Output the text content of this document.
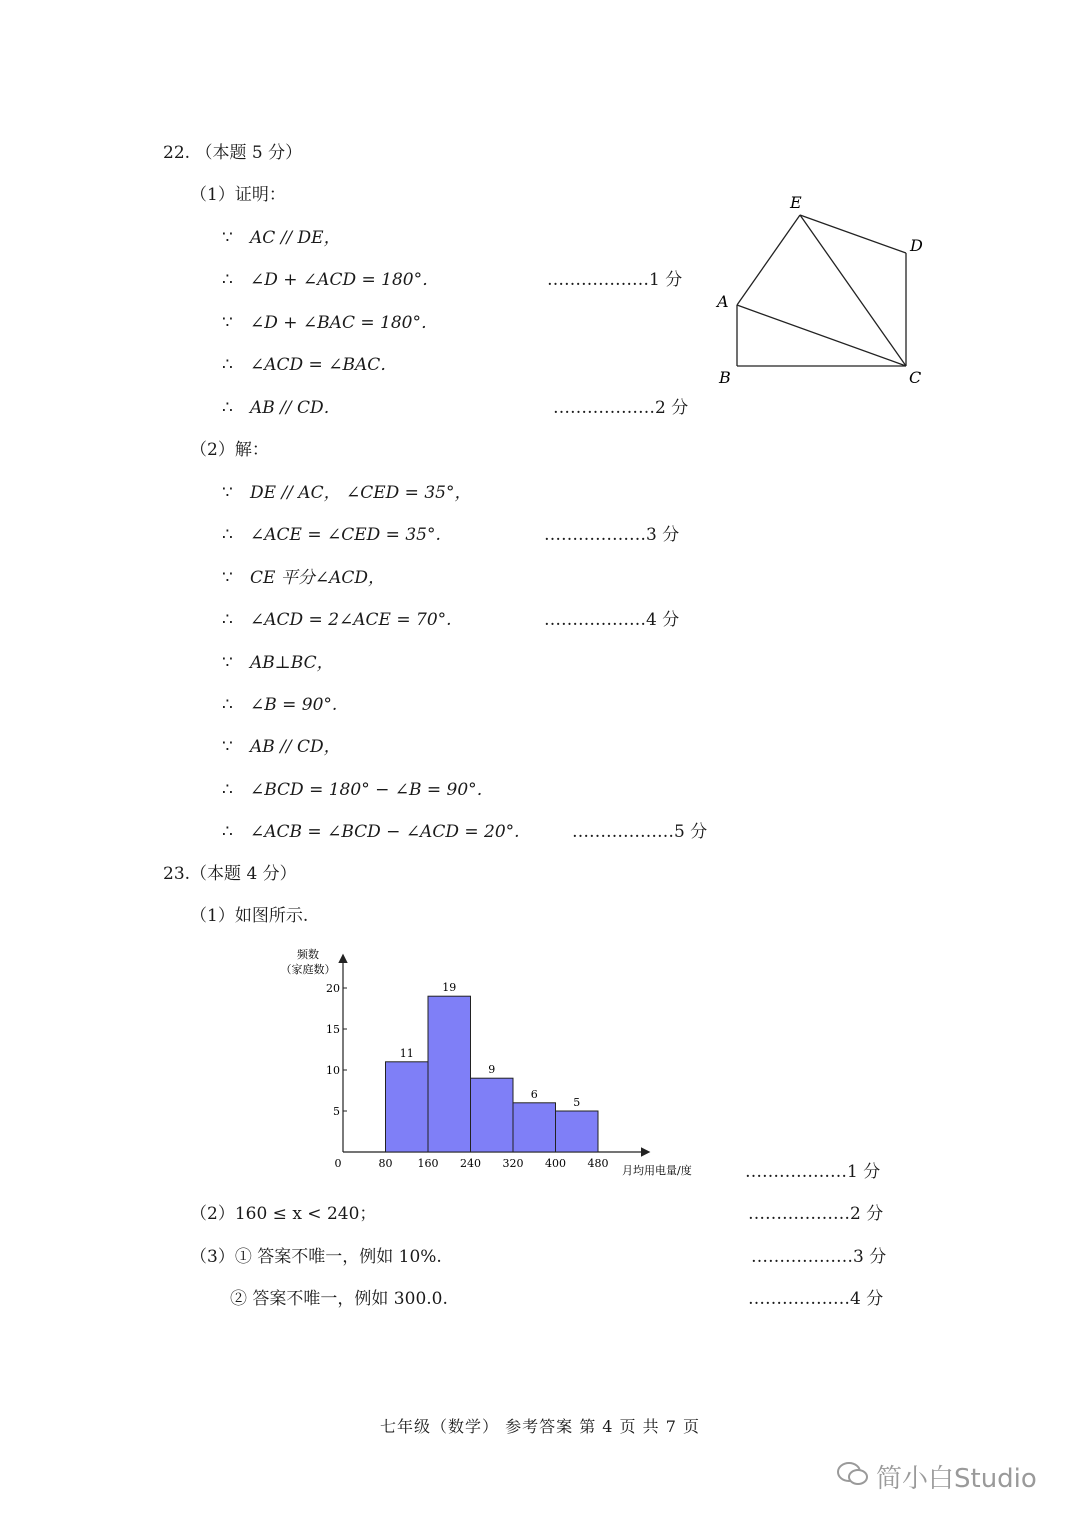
22. （本题 5 分）
（1）证明：
∵ AC // DE，
∴ ∠D + ∠ACD = 180°．	………………1 分
∵ ∠D + ∠BAC = 180°．
∴ ∠ACD = ∠BAC．
∴ AB // CD．	………………2 分
（2）解：
∵ DE // AC， ∠CED = 35°，
∴ ∠ACE = ∠CED = 35°.	………………3 分
∵ CE 平分∠ACD，
∴ ∠ACD = 2∠ACE = 70°.	………………4 分
∵ AB⊥BC，
∴ ∠B = 90°.
∵ AB // CD，
∴ ∠BCD = 180° − ∠B = 90°．
∴ ∠ACB = ∠BCD − ∠ACD = 20°.	………………5 分
E
D
A
B	C
23.（本题 4 分）
（1）如图所示.
5
10
15
20
0	80 160 240 320 400 480
11
19
9
6
5
频数
（家庭数）
月均用电量/度	………………1 分
（2）160 ≤ x < 240；	………………2 分
（3）① 答案不唯一，例如 10%.	………………3 分
② 答案不唯一，例如 300.0.	………………4 分
七年级（数学） 参考答案 第 4 页 共 7 页
简小白Studio
